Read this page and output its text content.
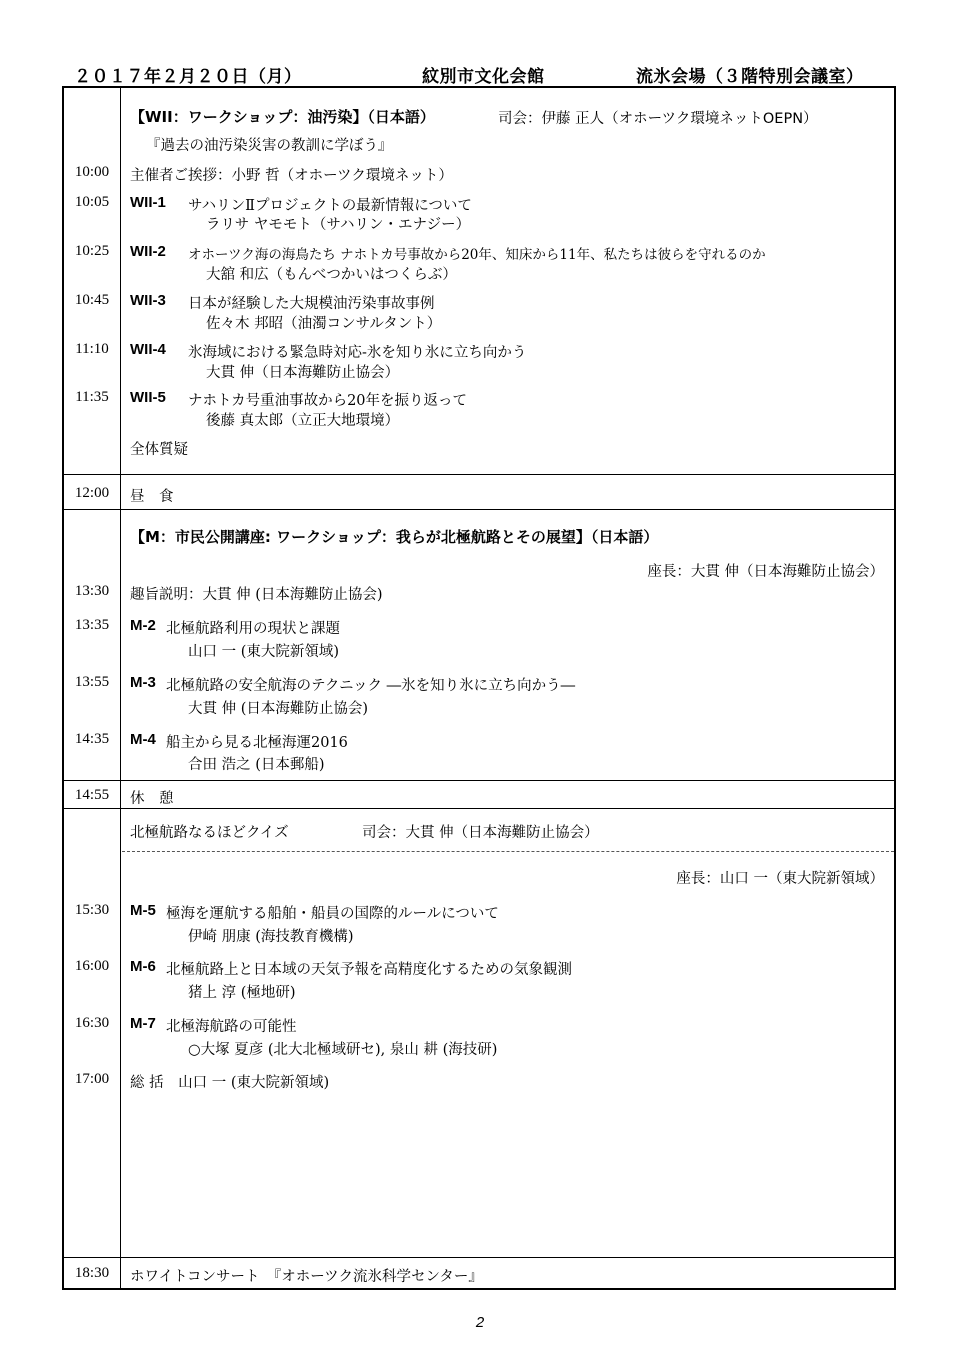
２０１７年２月２０日（月）	紋別市文化会館	流氷会場（３階特別会議室）
【WII：ワークショップ：油汚染】（日本語）	司会：伊藤 正人（オホーツク環境ネットOEPN）
『過去の油汚染災害の教訓に学ぼう』
10:00	主催者ご挨拶：小野 哲（オホーツク環境ネット）
10:05	WII-1 サハリンⅡプロジェクトの最新情報について
ラリサ ヤモモト（サハリン・エナジー）
10:25	WII-2 オホーツク海の海鳥たち ナホトカ号事故から20年、知床から11年、私たちは彼らを守れるのか
大舘 和広（もんべつかいはつくらぶ）
10:45	WII-3 日本が経験した大規模油汚染事故事例
佐々木 邦昭（油濁コンサルタント）
11:10	WII-4 氷海域における緊急時対応-氷を知り氷に立ち向かう
大貫 伸（日本海難防止協会）
11:35	WII-5 ナホトカ号重油事故から20年を振り返って
後藤 真太郎（立正大地環境）
全体質疑
12:00	昼　食
【M：市民公開講座: ワークショップ：我らが北極航路とその展望】（日本語）
座長：大貫 伸（日本海難防止協会）
13:30	趣旨説明：大貫 伸 (日本海難防止協会)
13:35	M-2 北極航路利用の現状と課題
山口 一 (東大院新領域)
13:55	M-3 北極航路の安全航海のテクニック ―氷を知り氷に立ち向かう―
大貫 伸 (日本海難防止協会)
14:35	M-4 船主から見る北極海運2016
合田 浩之 (日本郵船)
14:55	休　憩
北極航路なるほどクイズ	司会：大貫 伸（日本海難防止協会）
座長：山口 一（東大院新領域）
15:30	M-5 極海を運航する船舶・船員の国際的ルールについて
伊崎 朋康 (海技教育機構)
16:00	M-6 北極航路上と日本域の天気予報を高精度化するための気象観測
猪上 淳 (極地研)
16:30	M-7 北極海航路の可能性
○大塚 夏彦 (北大北極域研セ), 泉山 耕 (海技研)
17:00	総 括　山口 一 (東大院新領域)
18:30	ホワイトコンサート　『オホーツク流氷科学センター』
2
